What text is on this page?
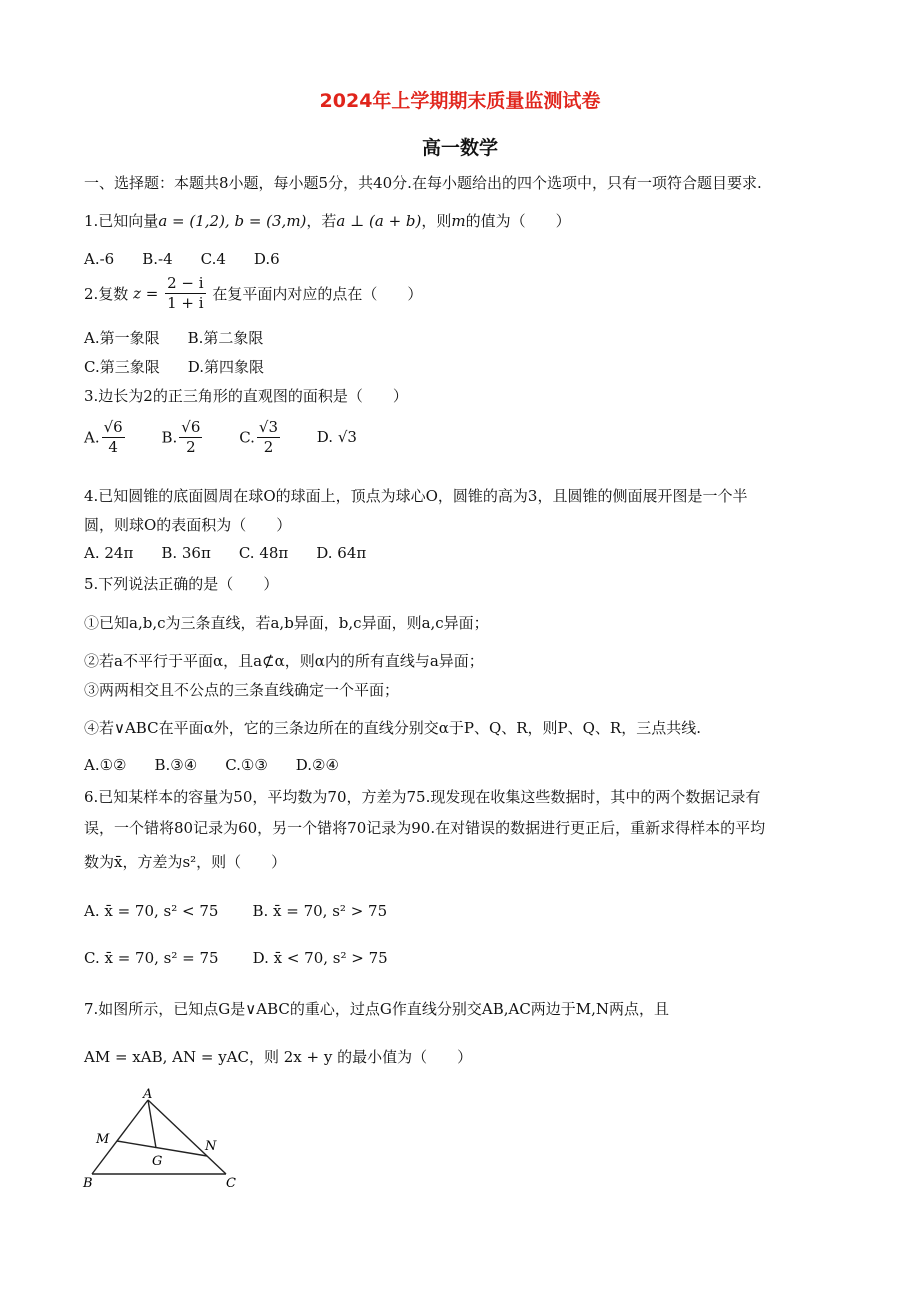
2024年上学期期末质量监测试卷
高一数学
一、选择题：本题共8小题，每小题5分，共40分.在每小题给出的四个选项中，只有一项符合题目要求.
1.已知向量a = (1,2), b = (3,m)，若a ⊥ (a + b)，则m的值为（　　）
A.-6 B.-4 C.4 D.6
2.复数 $z = \frac{2 - i}{1 + i}$ 在复平面内对应的点在（　　）
A.第一象限 B.第二象限
C.第三象限 D.第四象限
3.边长为2的正三角形的直观图的面积是（　　）
A. $\frac{√6}{4} B$. $\frac{√6}{2} C$. $\frac{√3}{2} D$. √3
4.已知圆锥的底面圆周在球O的球面上，顶点为球心O，圆锥的高为3，且圆锥的侧面展开图是一个半
圆，则球O的表面积为（　　）
A. 24π B. 36π C. 48π D. 64π
5.下列说法正确的是（　　）
①已知a,b,c为三条直线，若a,b异面，b,c异面，则a,c异面；
②若a不平行于平面α，且a⊄α，则α内的所有直线与a异面；
③两两相交且不公点的三条直线确定一个平面；
④若∨ABC在平面α外，它的三条边所在的直线分别交α于P、Q、R，则P、Q、R，三点共线.
A.①② B.③④ C.①③ D.②④
6.已知某样本的容量为50，平均数为70，方差为75.现发现在收集这些数据时，其中的两个数据记录有
误，一个错将80记录为60，另一个错将70记录为90.在对错误的数据进行更正后，重新求得样本的平均
数为x̄，方差为s²，则（　　）
A. x̄ = 70, s² < 75 B. x̄ = 70, s² > 75
C. x̄ = 70, s² = 75 D. x̄ < 70, s² > 75
7.如图所示，已知点G是∨ABC的重心，过点G作直线分别交AB,AC两边于M,N两点，且
AM = xAB, AN = yAC，则 2x + y 的最小值为（　　）
A
M	N
G
B	C
